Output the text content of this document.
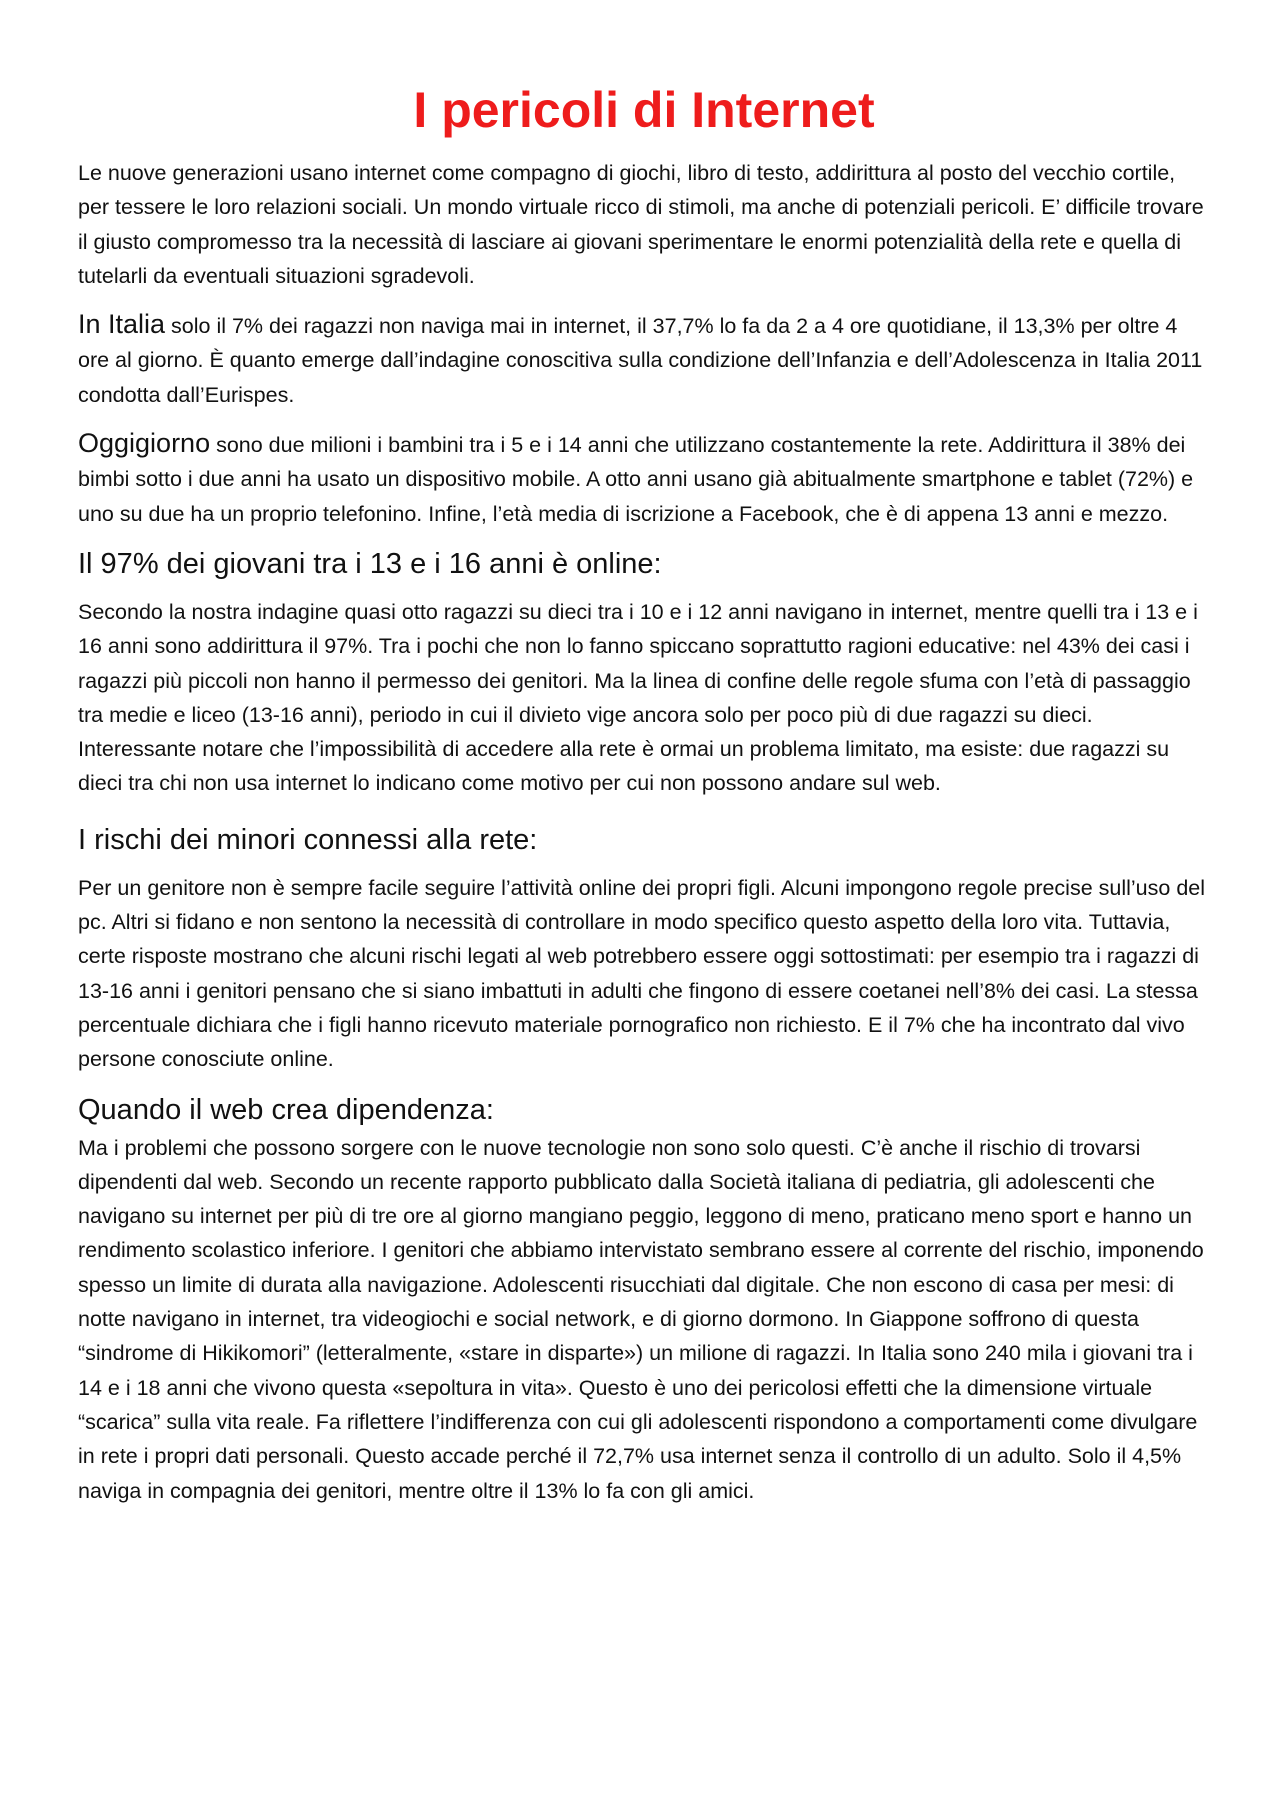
I pericoli di Internet

Le nuove generazioni usano internet come compagno di giochi, libro di testo, addirittura al posto del vecchio cortile, per tessere le loro relazioni sociali. Un mondo virtuale ricco di stimoli, ma anche di potenziali pericoli. E’ difficile trovare il giusto compromesso tra la necessità di lasciare ai giovani sperimentare le enormi potenzialità della rete e quella di tutelarli da eventuali situazioni sgradevoli.

In Italia solo il 7% dei ragazzi non naviga mai in internet, il 37,7% lo fa da 2 a 4 ore quotidiane, il 13,3% per oltre 4 ore al giorno. È quanto emerge dall’indagine conoscitiva sulla condizione dell’Infanzia e dell’Adolescenza in Italia 2011 condotta dall’Eurispes.

Oggigiorno sono due milioni i bambini tra i 5 e i 14 anni che utilizzano costantemente la rete. Addirittura il 38% dei bimbi sotto i due anni ha usato un dispositivo mobile. A otto anni usano già abitualmente smartphone e tablet (72%) e uno su due ha un proprio telefonino. Infine, l’età media di iscrizione a Facebook, che è di appena 13 anni e mezzo.

Il 97% dei giovani tra i 13 e i 16 anni è online:

Secondo la nostra indagine quasi otto ragazzi su dieci tra i 10 e i 12 anni navigano in internet, mentre quelli tra i 13 e i 16 anni sono addirittura il 97%. Tra i pochi che non lo fanno spiccano soprattutto ragioni educative: nel 43% dei casi i ragazzi più piccoli non hanno il permesso dei genitori. Ma la linea di confine delle regole sfuma con l’età di passaggio tra medie e liceo (13-16 anni), periodo in cui il divieto vige ancora solo per poco più di due ragazzi su dieci. Interessante notare che l’impossibilità di accedere alla rete è ormai un problema limitato, ma esiste: due ragazzi su dieci tra chi non usa internet lo indicano come motivo per cui non possono andare sul web.

I rischi dei minori connessi alla rete:

Per un genitore non è sempre facile seguire l’attività online dei propri figli. Alcuni impongono regole precise sull’uso del pc. Altri si fidano e non sentono la necessità di controllare in modo specifico questo aspetto della loro vita. Tuttavia, certe risposte mostrano che alcuni rischi legati al web potrebbero essere oggi sottostimati: per esempio tra i ragazzi di 13-16 anni i genitori pensano che si siano imbattuti in adulti che fingono di essere coetanei nell’8% dei casi. La stessa percentuale dichiara che i figli hanno ricevuto materiale pornografico non richiesto. E il 7% che ha incontrato dal vivo persone conosciute online.

Quando il web crea dipendenza:

Ma i problemi che possono sorgere con le nuove tecnologie non sono solo questi. C’è anche il rischio di trovarsi dipendenti dal web. Secondo un recente rapporto pubblicato dalla Società italiana di pediatria, gli adolescenti che navigano su internet per più di tre ore al giorno mangiano peggio, leggono di meno, praticano meno sport e hanno un rendimento scolastico inferiore. I genitori che abbiamo intervistato sembrano essere al corrente del rischio, imponendo spesso un limite di durata alla navigazione. Adolescenti risucchiati dal digitale. Che non escono di casa per mesi: di notte navigano in internet, tra videogiochi e social network, e di giorno dormono. In Giappone soffrono di questa “sindrome di Hikikomori” (letteralmente, «stare in disparte») un milione di ragazzi. In Italia sono 240 mila i giovani tra i 14 e i 18 anni che vivono questa «sepoltura in vita». Questo è uno dei pericolosi effetti che la dimensione virtuale “scarica” sulla vita reale. Fa riflettere l’indifferenza con cui gli adolescenti rispondono a comportamenti come divulgare in rete i propri dati personali. Questo accade perché il 72,7% usa internet senza il controllo di un adulto. Solo il 4,5% naviga in compagnia dei genitori, mentre oltre il 13% lo fa con gli amici.
